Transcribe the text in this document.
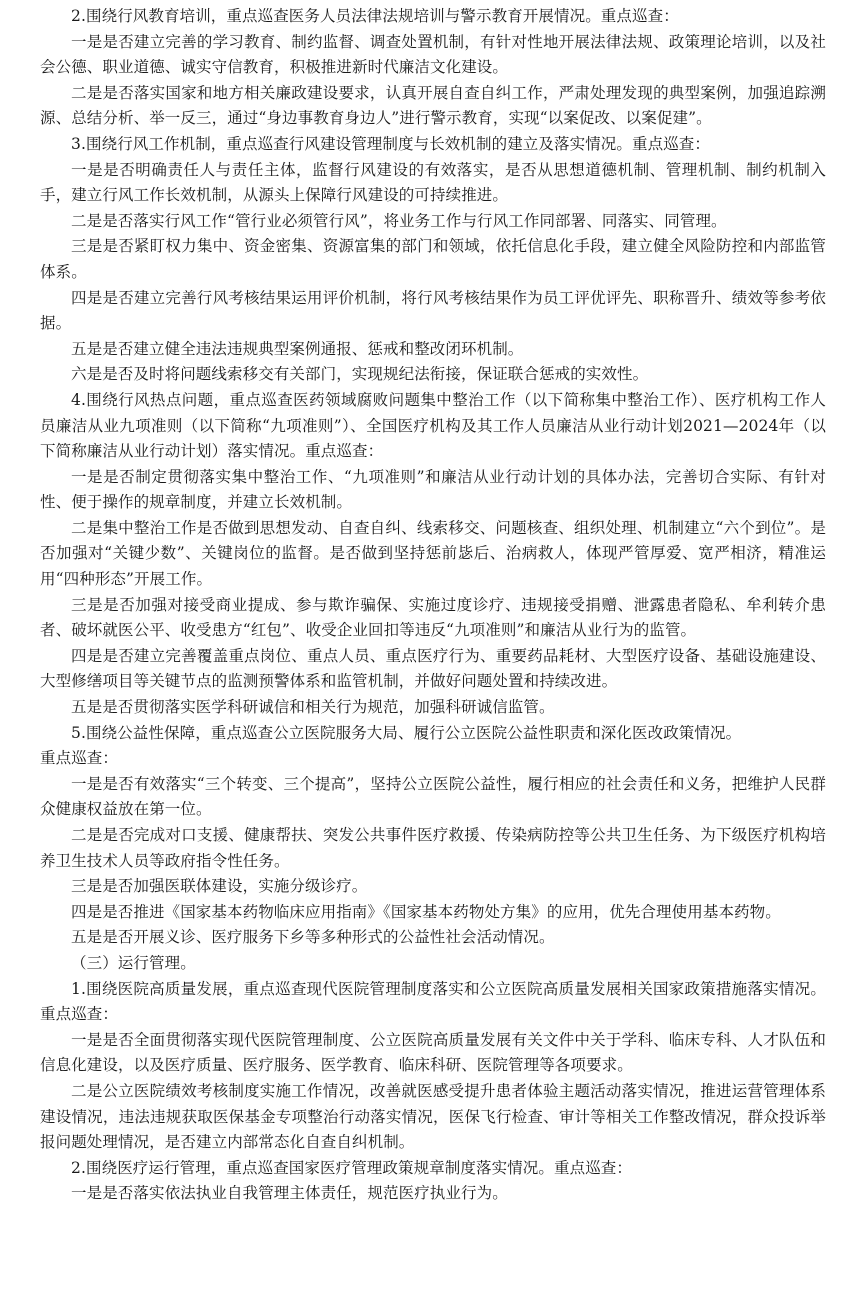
2.围绕行风教育培训，重点巡查医务人员法律法规培训与警示教育开展情况。重点巡查：

一是是否建立完善的学习教育、制约监督、调查处置机制，有针对性地开展法律法规、政策理论培训，以及社会公德、职业道德、诚实守信教育，积极推进新时代廉洁文化建设。

二是是否落实国家和地方相关廉政建设要求，认真开展自查自纠工作，严肃处理发现的典型案例，加强追踪溯源、总结分析、举一反三，通过“身边事教育身边人”进行警示教育，实现“以案促改、以案促建”。

3.围绕行风工作机制，重点巡查行风建设管理制度与长效机制的建立及落实情况。重点巡查：

一是是否明确责任人与责任主体，监督行风建设的有效落实，是否从思想道德机制、管理机制、制约机制入手，建立行风工作长效机制，从源头上保障行风建设的可持续推进。

二是是否落实行风工作“管行业必须管行风”，将业务工作与行风工作同部署、同落实、同管理。

三是是否紧盯权力集中、资金密集、资源富集的部门和领域，依托信息化手段，建立健全风险防控和内部监管体系。

四是是否建立完善行风考核结果运用评价机制，将行风考核结果作为员工评优评先、职称晋升、绩效等参考依据。

五是是否建立健全违法违规典型案例通报、惩戒和整改闭环机制。

六是是否及时将问题线索移交有关部门，实现规纪法衔接，保证联合惩戒的实效性。

4.围绕行风热点问题，重点巡查医药领域腐败问题集中整治工作（以下简称集中整治工作）、医疗机构工作人员廉洁从业九项准则（以下简称“九项准则”）、全国医疗机构及其工作人员廉洁从业行动计划2021—2024年（以下简称廉洁从业行动计划）落实情况。重点巡查：

一是是否制定贯彻落实集中整治工作、“九项准则”和廉洁从业行动计划的具体办法，完善切合实际、有针对性、便于操作的规章制度，并建立长效机制。

二是集中整治工作是否做到思想发动、自查自纠、线索移交、问题核查、组织处理、机制建立“六个到位”。是否加强对“关键少数”、关键岗位的监督。是否做到坚持惩前毖后、治病救人，体现严管厚爱、宽严相济，精准运用“四种形态”开展工作。

三是是否加强对接受商业提成、参与欺诈骗保、实施过度诊疗、违规接受捐赠、泄露患者隐私、牟利转介患者、破坏就医公平、收受患方“红包”、收受企业回扣等违反“九项准则”和廉洁从业行为的监管。

四是是否建立完善覆盖重点岗位、重点人员、重点医疗行为、重要药品耗材、大型医疗设备、基础设施建设、大型修缮项目等关键节点的监测预警体系和监管机制，并做好问题处置和持续改进。

五是是否贯彻落实医学科研诚信和相关行为规范，加强科研诚信监管。

5.围绕公益性保障，重点巡查公立医院服务大局、履行公立医院公益性职责和深化医改政策情况。

重点巡查：

一是是否有效落实“三个转变、三个提高”，坚持公立医院公益性，履行相应的社会责任和义务，把维护人民群众健康权益放在第一位。

二是是否完成对口支援、健康帮扶、突发公共事件医疗救援、传染病防控等公共卫生任务、为下级医疗机构培养卫生技术人员等政府指令性任务。

三是是否加强医联体建设，实施分级诊疗。

四是是否推进《国家基本药物临床应用指南》《国家基本药物处方集》的应用，优先合理使用基本药物。

五是是否开展义诊、医疗服务下乡等多种形式的公益性社会活动情况。

（三）运行管理。

1.围绕医院高质量发展，重点巡查现代医院管理制度落实和公立医院高质量发展相关国家政策措施落实情况。重点巡查：

一是是否全面贯彻落实现代医院管理制度、公立医院高质量发展有关文件中关于学科、临床专科、人才队伍和信息化建设，以及医疗质量、医疗服务、医学教育、临床科研、医院管理等各项要求。

二是公立医院绩效考核制度实施工作情况，改善就医感受提升患者体验主题活动落实情况，推进运营管理体系建设情况，违法违规获取医保基金专项整治行动落实情况，医保飞行检查、审计等相关工作整改情况，群众投诉举报问题处理情况，是否建立内部常态化自查自纠机制。

2.围绕医疗运行管理，重点巡查国家医疗管理政策规章制度落实情况。重点巡查：

一是是否落实依法执业自我管理主体责任，规范医疗执业行为。
